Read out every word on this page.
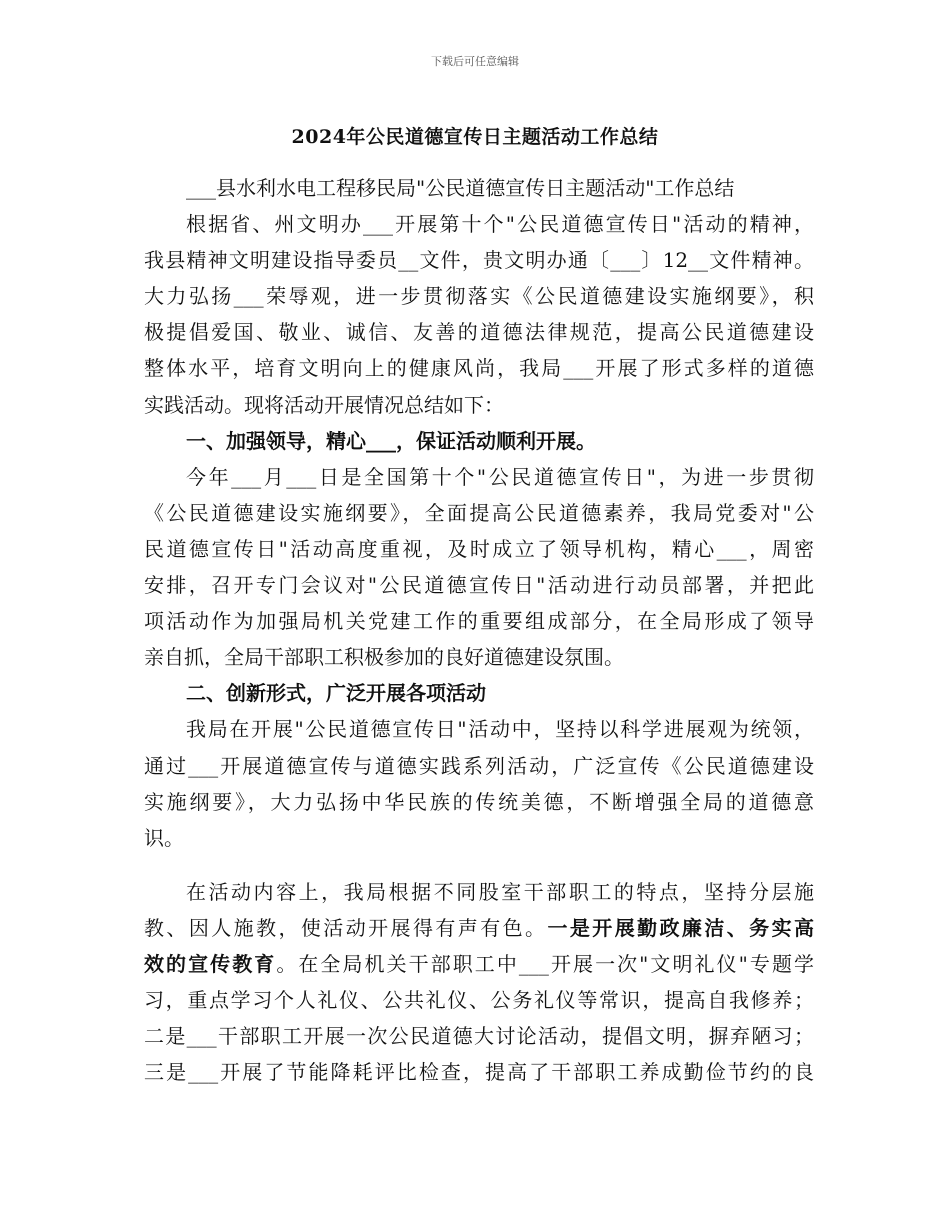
下载后可任意编辑
2024年公民道德宣传日主题活动工作总结
___县水利水电工程移民局"公民道德宣传日主题活动"工作总结
根据省、州文明办___开展第十个"公民道德宣传日"活动的精神，
我县精神文明建设指导委员__文件，贵文明办通〔___〕12__文件精神。
大力弘扬___荣辱观，进一步贯彻落实《公民道德建设实施纲要》，积
极提倡爱国、敬业、诚信、友善的道德法律规范，提高公民道德建设
整体水平，培育文明向上的健康风尚，我局___开展了形式多样的道德
实践活动。现将活动开展情况总结如下：
一、加强领导，精心___，保证活动顺利开展。
今年___月___日是全国第十个"公民道德宣传日"，为进一步贯彻
《公民道德建设实施纲要》，全面提高公民道德素养，我局党委对"公
民道德宣传日"活动高度重视，及时成立了领导机构，精心___，周密
安排，召开专门会议对"公民道德宣传日"活动进行动员部署，并把此
项活动作为加强局机关党建工作的重要组成部分，在全局形成了领导
亲自抓，全局干部职工积极参加的良好道德建设氛围。
二、创新形式，广泛开展各项活动
我局在开展"公民道德宣传日"活动中，坚持以科学进展观为统领，
通过___开展道德宣传与道德实践系列活动，广泛宣传《公民道德建设
实施纲要》，大力弘扬中华民族的传统美德，不断增强全局的道德意
识。
在活动内容上，我局根据不同股室干部职工的特点，坚持分层施
教、因人施教，使活动开展得有声有色。一是开展勤政廉洁、务实高
效的宣传教育。在全局机关干部职工中___开展一次"文明礼仪"专题学
习，重点学习个人礼仪、公共礼仪、公务礼仪等常识，提高自我修养；
二是___干部职工开展一次公民道德大讨论活动，提倡文明，摒弃陋习；
三是___开展了节能降耗评比检查，提高了干部职工养成勤俭节约的良
